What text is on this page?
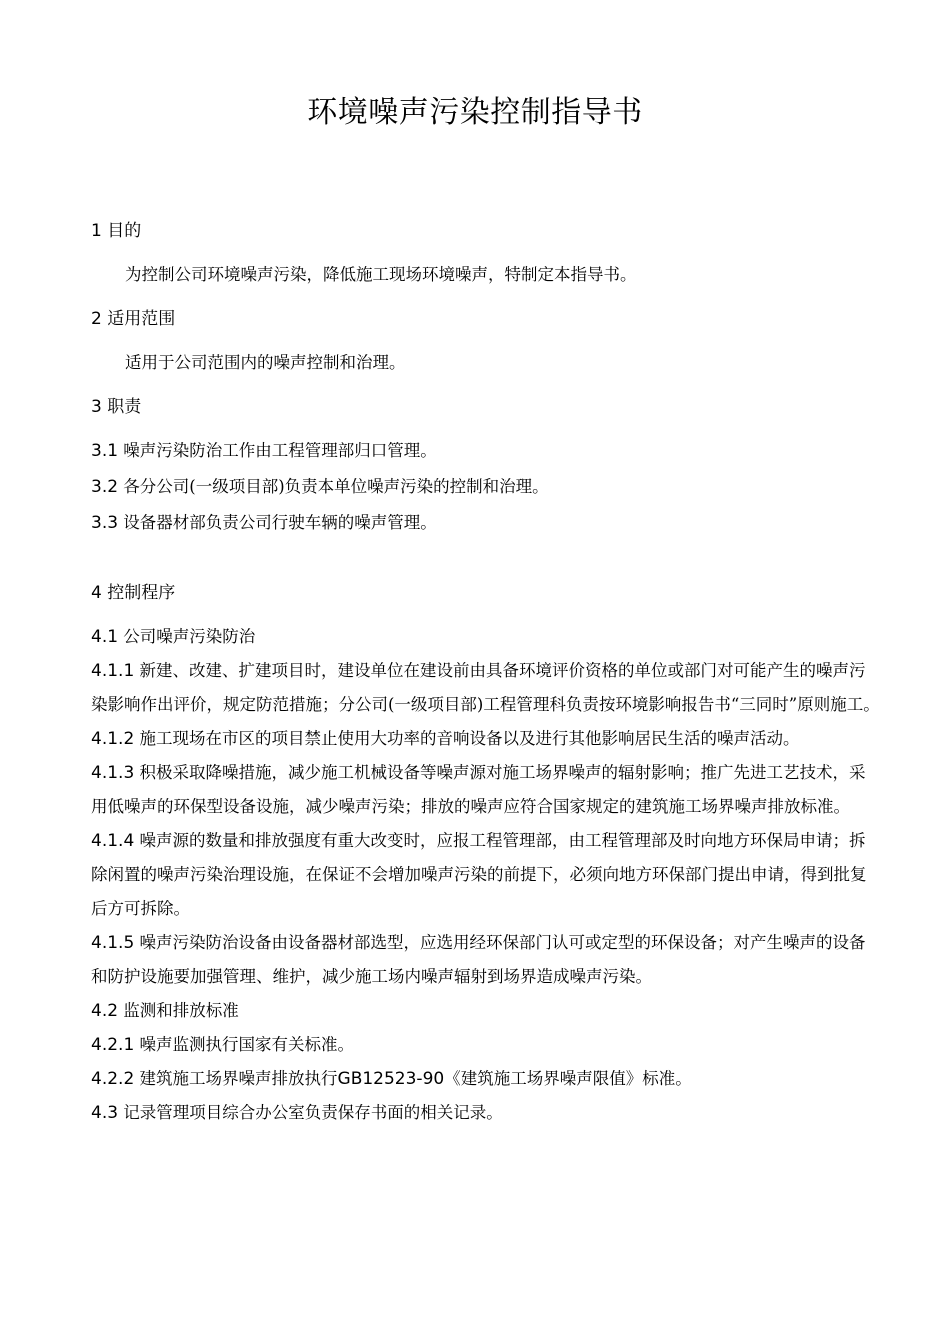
环境噪声污染控制指导书
1 目的

为控制公司环境噪声污染，降低施工现场环境噪声，特制定本指导书。

2 适用范围

适用于公司范围内的噪声控制和治理。

3 职责

3.1 噪声污染防治工作由工程管理部归口管理。

3.2 各分公司(一级项目部)负责本单位噪声污染的控制和治理。

3.3 设备器材部负责公司行驶车辆的噪声管理。

4 控制程序

4.1 公司噪声污染防治

4.1.1 新建、改建、扩建项目时，建设单位在建设前由具备环境评价资格的单位或部门对可能产生的噪声污染影响作出评价，规定防范措施；分公司(一级项目部)工程管理科负责按环境影响报告书“三同时”原则施工。

4.1.2 施工现场在市区的项目禁止使用大功率的音响设备以及进行其他影响居民生活的噪声活动。

4.1.3 积极采取降噪措施，减少施工机械设备等噪声源对施工场界噪声的辐射影响；推广先进工艺技术，采用低噪声的环保型设备设施，减少噪声污染；排放的噪声应符合国家规定的建筑施工场界噪声排放标准。

4.1.4 噪声源的数量和排放强度有重大改变时，应报工程管理部，由工程管理部及时向地方环保局申请；拆除闲置的噪声污染治理设施，在保证不会增加噪声污染的前提下，必须向地方环保部门提出申请，得到批复后方可拆除。

4.1.5 噪声污染防治设备由设备器材部选型，应选用经环保部门认可或定型的环保设备；对产生噪声的设备和防护设施要加强管理、维护，减少施工场内噪声辐射到场界造成噪声污染。

4.2 监测和排放标准

4.2.1 噪声监测执行国家有关标准。

4.2.2 建筑施工场界噪声排放执行GB12523-90《建筑施工场界噪声限值》标准。

4.3 记录管理项目综合办公室负责保存书面的相关记录。
